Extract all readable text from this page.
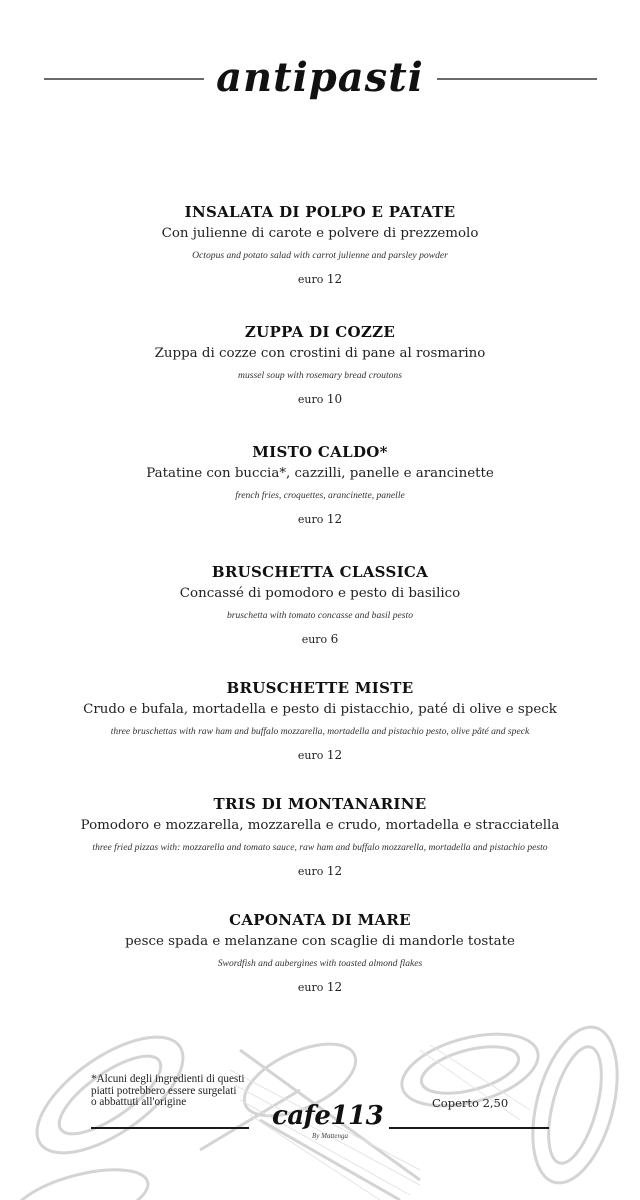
antipasti
INSALATA DI POLPO E PATATE
Con julienne di carote e polvere di prezzemolo
Octopus and potato salad with carrot julienne and parsley powder
euro 12
ZUPPA DI COZZE
Zuppa di cozze con crostini di pane al rosmarino
mussel soup with rosemary bread croutons
euro 10
MISTO CALDO*
Patatine con buccia*, cazzilli, panelle e arancinette
french fries, croquettes, arancinette, panelle
euro 12
BRUSCHETTA CLASSICA
Concassé di pomodoro e pesto di basilico
bruschetta with tomato concasse and basil pesto
euro 6
BRUSCHETTE MISTE
Crudo e bufala, mortadella e pesto di pistacchio, paté di olive e speck
three bruschettas with raw ham and buffalo mozzarella, mortadella and pistachio pesto, olive pâté and speck
euro 12
TRIS DI MONTANARINE
Pomodoro e mozzarella, mozzarella e crudo, mortadella e stracciatella
three fried pizzas with: mozzarella and tomato sauce, raw ham and buffalo mozzarella, mortadella and pistachio pesto
euro 12
CAPONATA DI MARE
pesce spada e melanzane con scaglie di mandorle tostate
Swordfish and aubergines with toasted almond flakes
euro 12
*Alcuni degli ingredienti di questi
piatti potrebbero essere surgelati
o abbattuti all'origine	Coperto 2,50
cafe113
By Mattenga
